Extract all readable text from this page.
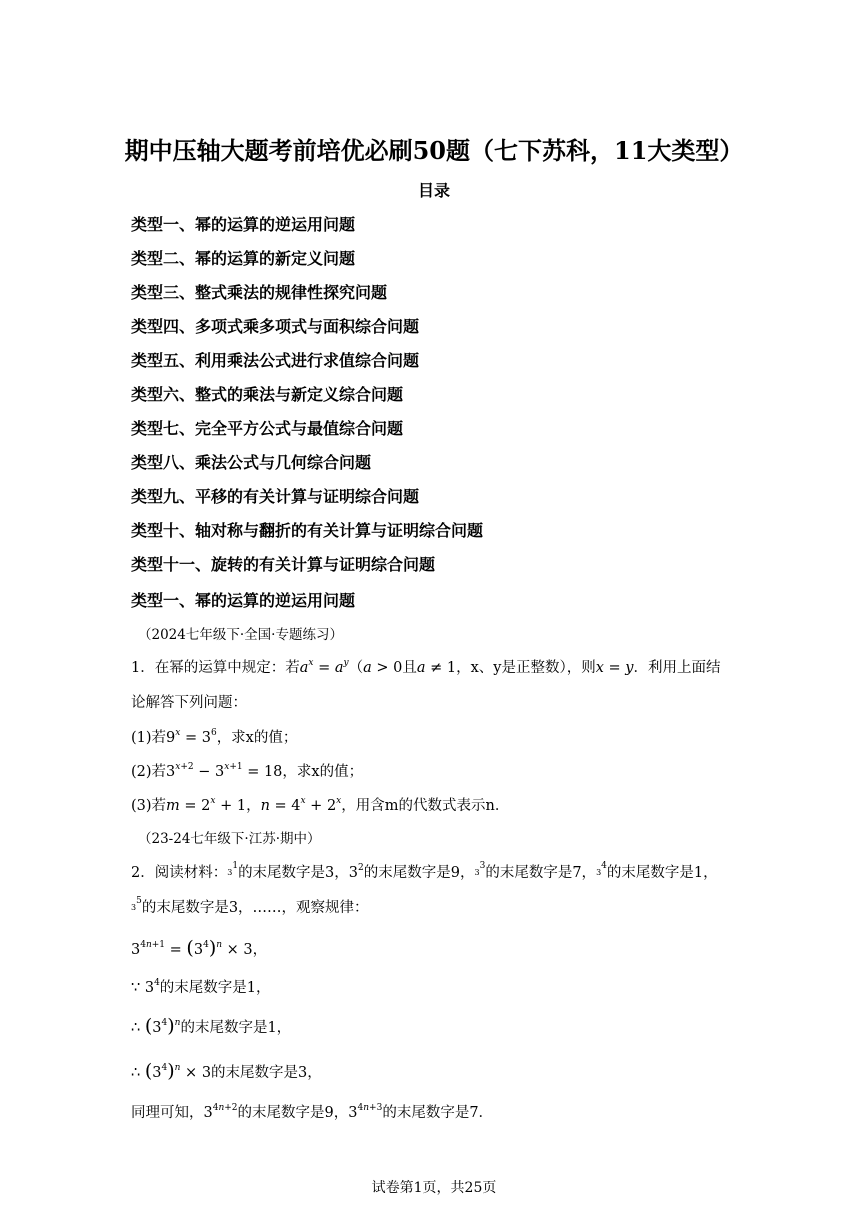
期中压轴大题考前培优必刷50题（七下苏科，11大类型）
目录
类型一、幂的运算的逆运用问题
类型二、幂的运算的新定义问题
类型三、整式乘法的规律性探究问题
类型四、多项式乘多项式与面积综合问题
类型五、利用乘法公式进行求值综合问题
类型六、整式的乘法与新定义综合问题
类型七、完全平方公式与最值综合问题
类型八、乘法公式与几何综合问题
类型九、平移的有关计算与证明综合问题
类型十、轴对称与翻折的有关计算与证明综合问题
类型十一、旋转的有关计算与证明综合问题
类型一、幂的运算的逆运用问题
（2024七年级下·全国·专题练习）
1．在幂的运算中规定：若$a^x = a^y(a > 0$且a ≠ 1，x、y是正整数），则x = y．利用上面结
论解答下列问题：
(1)若$9^x = 3^6$，求x的值；
(2)若$3^{x+2} - 3^{x+1} = 18$，求x的值；
(3)若$m = 2^x + 1$，$n = 4^x + 2^x$，用含m的代数式表示n．
（23-24七年级下·江苏·期中）
2．阅读材料：$3^1$的末尾数字是3，$3^2$的末尾数字是9，$3^3$的末尾数字是7，$3^4$的末尾数字是1，
$3^5$的末尾数字是3，……，观察规律：
$3^{4n+1} = (3^4)^n \times 3$，
∵ $3^4$的末尾数字是1，
∴ $(3^4)^n$的末尾数字是1，
∴ $(3^4)^n \times 3$的末尾数字是3，
同理可知，$3^{4n+2}$的末尾数字是9，$3^{4n+3}$的末尾数字是7．
试卷第1页，共25页
